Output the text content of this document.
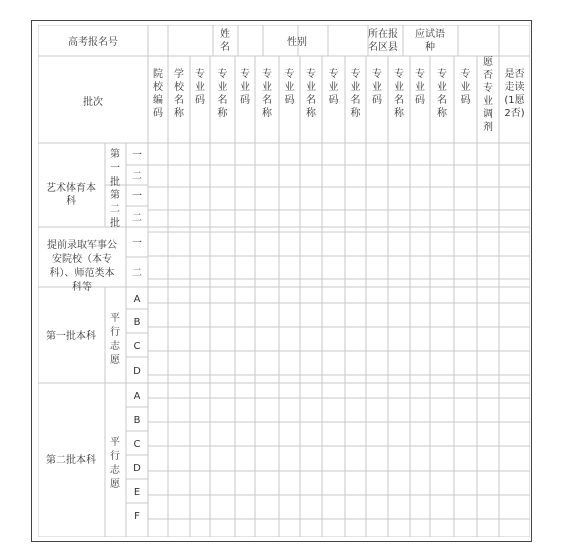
高考报名号
姓
名	性别
所在报
名区县
应试语
种
批次
院
校
编
码
学
校
名
称
专
业
码
专
业
名
称
专
业
码
专
业
名
称
专
业
码
专
业
名
称
专
业
码
专
业
名
称
专
业
码
专
业
名
称
专
业
码
专
业
名
称
专
业
码
愿
否
专
业
调
剂
是否
走读
(1愿
2否)
艺术体育本
科
第
一
批
第
二
批
一
二
一
二
提前录取军事公
安院校（本专
科）、师范类本
科等
一
二
第一批本科
平
行
志
愿
A
B
C
D
第二批本科
平
行
志
愿
A
B
C
D
E
F
